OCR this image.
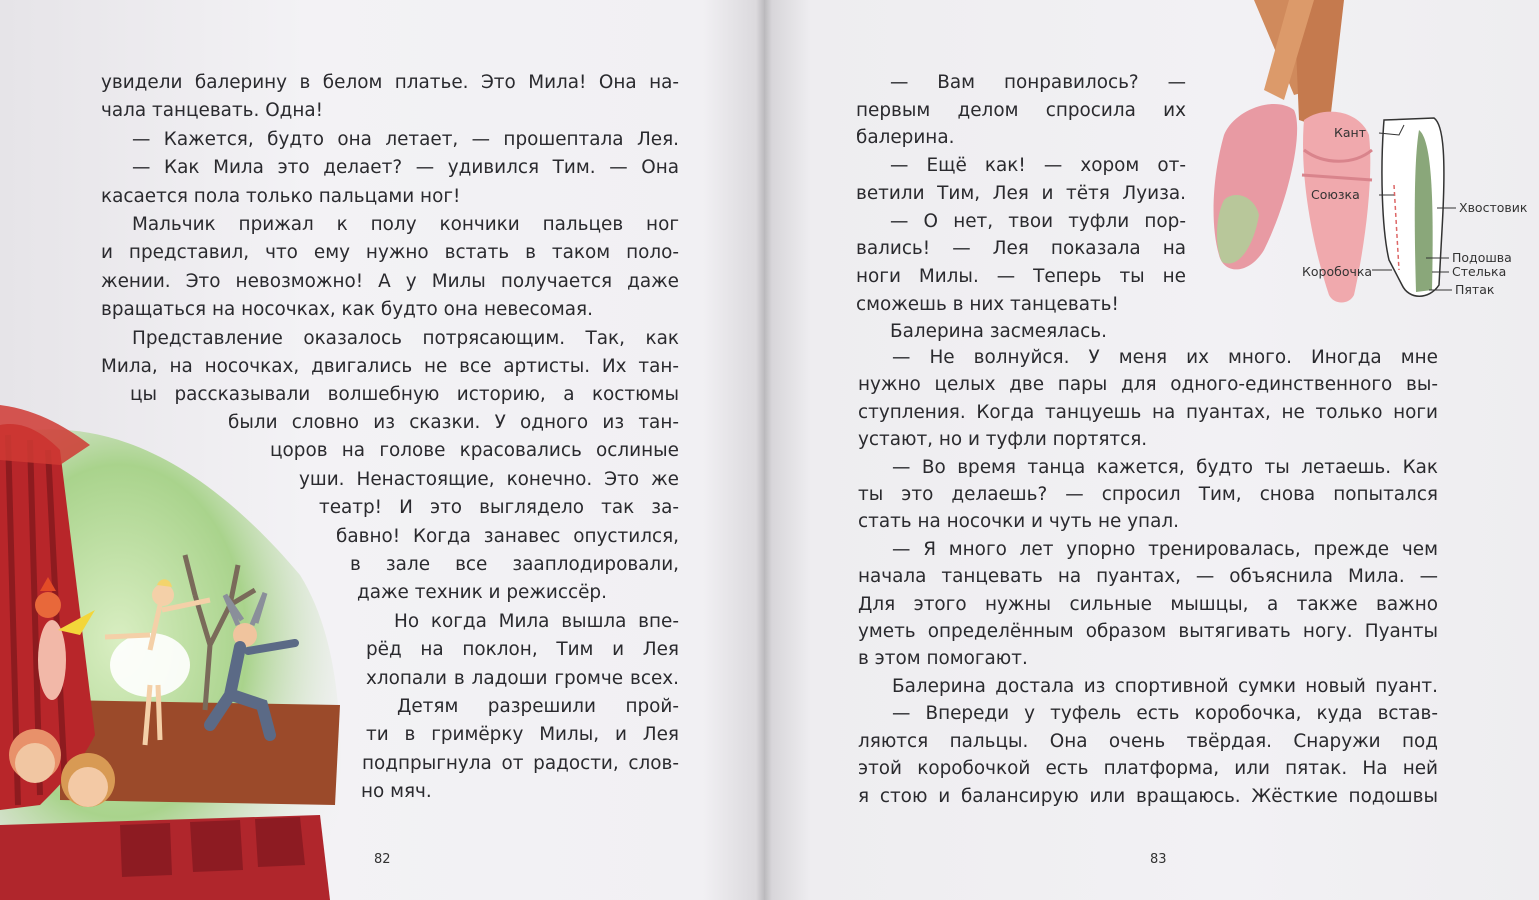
увидели балерину в белом платье. Это Мила! Она на-
чала танцевать. Одна!
— Кажется, будто она летает, — прошептала Лея.
— Как Мила это делает? — удивился Тим. — Она
касается пола только пальцами ног!
Мальчик прижал к полу кончики пальцев ног
и представил, что ему нужно встать в таком поло-
жении. Это невозможно! А у Милы получается даже
вращаться на носочках, как будто она невесомая.
Представление оказалось потрясающим. Так, как
Мила, на носочках, двигались не все артисты. Их тан-
цы рассказывали волшебную историю, а костюмы
были словно из сказки. У одного из тан-
цоров на голове красовались ослиные
уши. Ненастоящие, конечно. Это же
театр! И это выглядело так за-
бавно! Когда занавес опустился,
в зале все зааплодировали,
даже техник и режиссёр.
Но когда Мила вышла впе-
рёд на поклон, Тим и Лея
хлопали в ладоши громче всех.
Детям разрешили прой-
ти в гримёрку Милы, и Лея
подпрыгнула от радости, слов-
но мяч.
82
Кант
Союзка
Хвостовик
Коробочка
Подошва
Стелька
Пятак
— Вам понравилось? —
первым делом спросила их
балерина.
— Ещё как! — хором от-
ветили Тим, Лея и тётя Луиза.
— О нет, твои туфли пор-
вались! — Лея показала на
ноги Милы. — Теперь ты не
сможешь в них танцевать!
Балерина засмеялась.
— Не волнуйся. У меня их много. Иногда мне
нужно целых две пары для одного-единственного вы-
ступления. Когда танцуешь на пуантах, не только ноги
устают, но и туфли портятся.
— Во время танца кажется, будто ты летаешь. Как
ты это делаешь? — спросил Тим, снова попытался
стать на носочки и чуть не упал.
— Я много лет упорно тренировалась, прежде чем
начала танцевать на пуантах, — объяснила Мила. —
Для этого нужны сильные мышцы, а также важно
уметь определённым образом вытягивать ногу. Пуанты
в этом помогают.
Балерина достала из спортивной сумки новый пуант.
— Впереди у туфель есть коробочка, куда встав-
ляются пальцы. Она очень твёрдая. Снаружи под
этой коробочкой есть платформа, или пятак. На ней
я стою и балансирую или вращаюсь. Жёсткие подошвы
83
